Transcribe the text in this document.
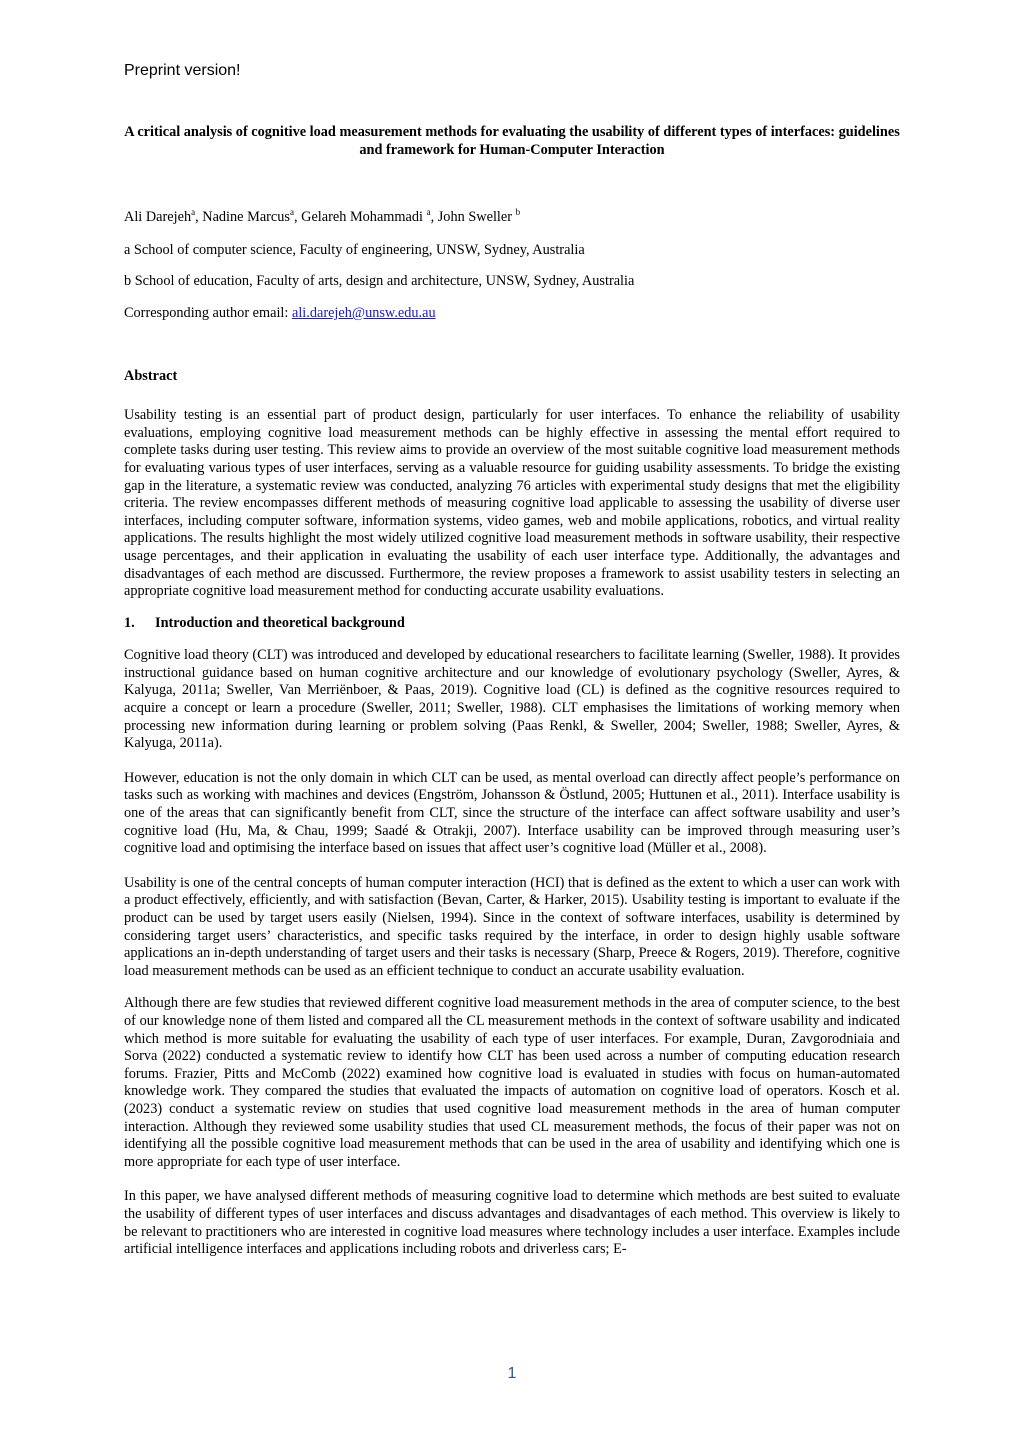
Preprint version!

A critical analysis of cognitive load measurement methods for evaluating the usability of different types of interfaces: guidelines and framework for Human-Computer Interaction

Ali Darejeh$^a$, Nadine Marcus$^a$, Gelareh Mohammadi $^a$, John Sweller $^b$
a School of computer science, Faculty of engineering, UNSW, Sydney, Australia
b School of education, Faculty of arts, design and architecture, UNSW, Sydney, Australia
Corresponding author email: ali.darejeh@unsw.edu.au
Abstract

Usability testing is an essential part of product design, particularly for user interfaces. To enhance the reliability of usability evaluations, employing cognitive load measurement methods can be highly effective in assessing the mental effort required to complete tasks during user testing. This review aims to provide an overview of the most suitable cognitive load measurement methods for evaluating various types of user interfaces, serving as a valuable resource for guiding usability assessments. To bridge the existing gap in the literature, a systematic review was conducted, analyzing 76 articles with experimental study designs that met the eligibility criteria. The review encompasses different methods of measuring cognitive load applicable to assessing the usability of diverse user interfaces, including computer software, information systems, video games, web and mobile applications, robotics, and virtual reality applications. The results highlight the most widely utilized cognitive load measurement methods in software usability, their respective usage percentages, and their application in evaluating the usability of each user interface type. Additionally, the advantages and disadvantages of each method are discussed. Furthermore, the review proposes a framework to assist usability testers in selecting an appropriate cognitive load measurement method for conducting accurate usability evaluations.

1. Introduction and theoretical background

Cognitive load theory (CLT) was introduced and developed by educational researchers to facilitate learning (Sweller, 1988). It provides instructional guidance based on human cognitive architecture and our knowledge of evolutionary psychology (Sweller, Ayres, & Kalyuga, 2011a; Sweller, Van Merriënboer, & Paas, 2019). Cognitive load (CL) is defined as the cognitive resources required to acquire a concept or learn a procedure (Sweller, 2011; Sweller, 1988). CLT emphasises the limitations of working memory when processing new information during learning or problem solving (Paas Renkl, & Sweller, 2004; Sweller, 1988; Sweller, Ayres, & Kalyuga, 2011a).

However, education is not the only domain in which CLT can be used, as mental overload can directly affect people’s performance on tasks such as working with machines and devices (Engström, Johansson & Östlund, 2005; Huttunen et al., 2011). Interface usability is one of the areas that can significantly benefit from CLT, since the structure of the interface can affect software usability and user’s cognitive load (Hu, Ma, & Chau, 1999; Saadé & Otrakji, 2007). Interface usability can be improved through measuring user’s cognitive load and optimising the interface based on issues that affect user’s cognitive load (Müller et al., 2008).

Usability is one of the central concepts of human computer interaction (HCI) that is defined as the extent to which a user can work with a product effectively, efficiently, and with satisfaction (Bevan, Carter, & Harker, 2015). Usability testing is important to evaluate if the product can be used by target users easily (Nielsen, 1994). Since in the context of software interfaces, usability is determined by considering target users’ characteristics, and specific tasks required by the interface, in order to design highly usable software applications an in-depth understanding of target users and their tasks is necessary (Sharp, Preece & Rogers, 2019). Therefore, cognitive load measurement methods can be used as an efficient technique to conduct an accurate usability evaluation.

Although there are few studies that reviewed different cognitive load measurement methods in the area of computer science, to the best of our knowledge none of them listed and compared all the CL measurement methods in the context of software usability and indicated which method is more suitable for evaluating the usability of each type of user interfaces. For example, Duran, Zavgorodniaia and Sorva (2022) conducted a systematic review to identify how CLT has been used across a number of computing education research forums. Frazier, Pitts and McComb (2022) examined how cognitive load is evaluated in studies with focus on human-automated knowledge work. They compared the studies that evaluated the impacts of automation on cognitive load of operators. Kosch et al. (2023) conduct a systematic review on studies that used cognitive load measurement methods in the area of human computer interaction. Although they reviewed some usability studies that used CL measurement methods, the focus of their paper was not on identifying all the possible cognitive load measurement methods that can be used in the area of usability and identifying which one is more appropriate for each type of user interface.

In this paper, we have analysed different methods of measuring cognitive load to determine which methods are best suited to evaluate the usability of different types of user interfaces and discuss advantages and disadvantages of each method. This overview is likely to be relevant to practitioners who are interested in cognitive load measures where technology includes a user interface. Examples include artificial intelligence interfaces and applications including robots and driverless cars; E-

1
